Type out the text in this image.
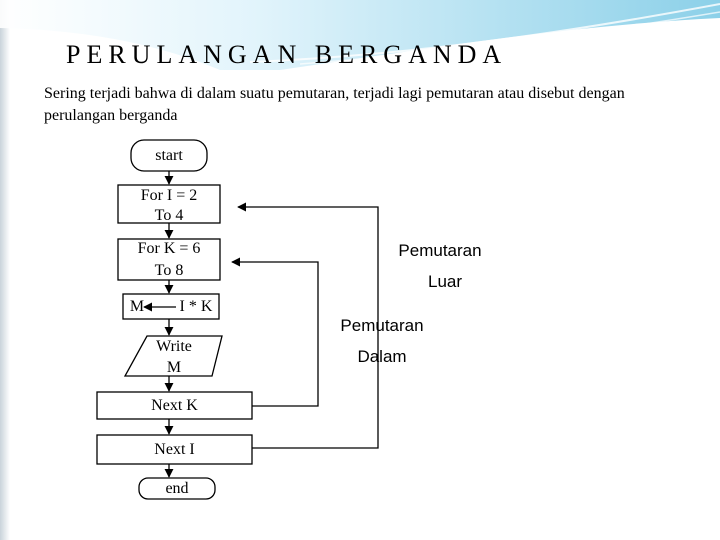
PERULANGAN BERGANDA
Sering terjadi bahwa di dalam suatu pemutaran, terjadi lagi pemutaran atau disebut dengan perulangan berganda
start
For I = 2
To 4
For K = 6
To 8
M	I * K
Write
M
Next K
Next I
end
Pemutaran
Luar
Pemutaran
Dalam
